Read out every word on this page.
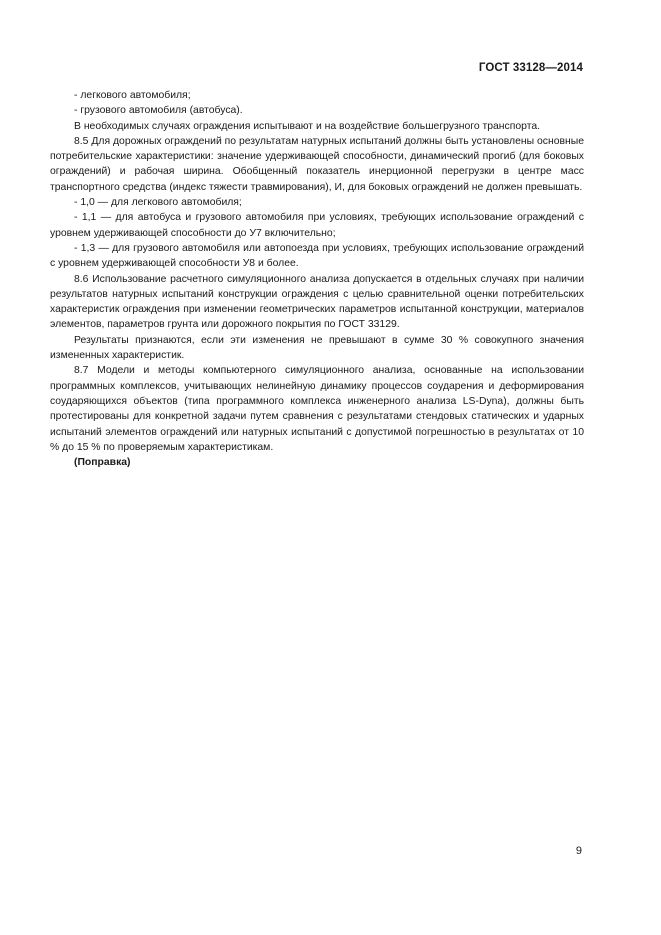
ГОСТ 33128—2014

- легкового автомобиля;

- грузового автомобиля (автобуса).

В необходимых случаях ограждения испытывают и на воздействие большегрузного транспорта.

8.5 Для дорожных ограждений по результатам натурных испытаний должны быть установлены основные потребительские характеристики: значение удерживающей способности, динамический прогиб (для боковых ограждений) и рабочая ширина. Обобщенный показатель инерционной перегрузки в центре масс транспортного средства (индекс тяжести травмирования), И, для боковых ограждений не должен превышать.

- 1,0 — для легкового автомобиля;

- 1,1 — для автобуса и грузового автомобиля при условиях, требующих использование ограждений с уровнем удерживающей способности до У7 включительно;

- 1,3 — для грузового автомобиля или автопоезда при условиях, требующих использование ограждений с уровнем удерживающей способности У8 и более.

8.6 Использование расчетного симуляционного анализа допускается в отдельных случаях при наличии результатов натурных испытаний конструкции ограждения с целью сравнительной оценки потребительских характеристик ограждения при изменении геометрических параметров испытанной конструкции, материалов элементов, параметров грунта или дорожного покрытия по ГОСТ 33129.

Результаты признаются, если эти изменения не превышают в сумме 30 % совокупного значения измененных характеристик.

8.7 Модели и методы компьютерного симуляционного анализа, основанные на использовании программных комплексов, учитывающих нелинейную динамику процессов соударения и деформирования соударяющихся объектов (типа программного комплекса инженерного анализа LS-Dyna), должны быть протестированы для конкретной задачи путем сравнения с результатами стендовых статических и ударных испытаний элементов ограждений или натурных испытаний с допустимой погрешностью в результатах от 10 % до 15 % по проверяемым характеристикам.

(Поправка)

9
